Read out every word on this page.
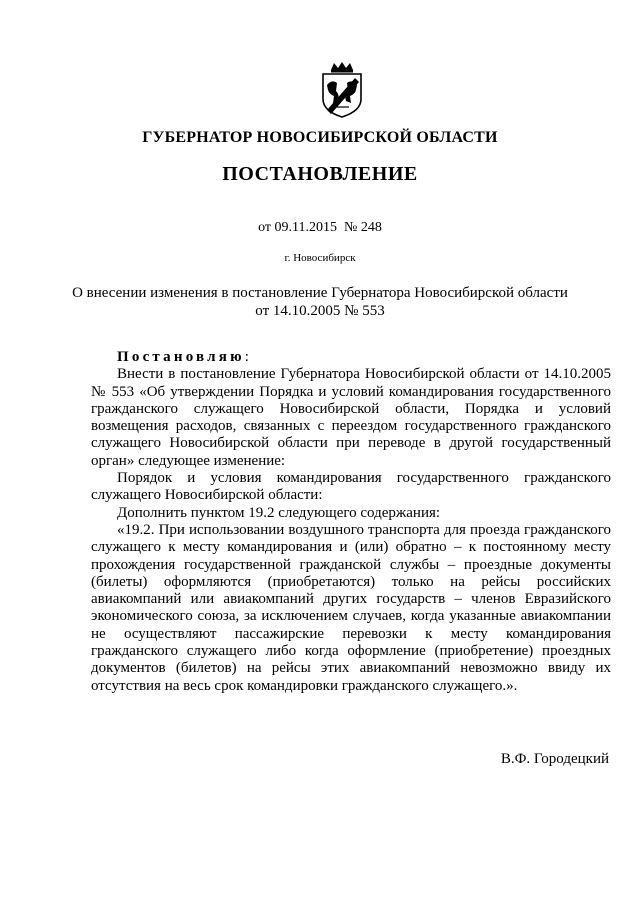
ГУБЕРНАТОР НОВОСИБИРСКОЙ ОБЛАСТИ
ПОСТАНОВЛЕНИЕ
от 09.11.2015 № 248
г. Новосибирск
О внесении изменения в постановление Губернатора Новосибирской области
от 14.10.2005 № 553

Постановляю:

Внести в постановление Губернатора Новосибирской области от 14.10.2005 № 553 «Об утверждении Порядка и условий командирования государственного гражданского служащего Новосибирской области, Порядка и условий возмещения расходов, связанных с переездом государственного гражданского служащего Новосибирской области при переводе в другой государственный орган» следующее изменение:

Порядок и условия командирования государственного гражданского служащего Новосибирской области:

Дополнить пунктом 19.2 следующего содержания:

«19.2. При использовании воздушного транспорта для проезда гражданского служащего к месту командирования и (или) обратно – к постоянному месту прохождения государственной гражданской службы – проездные документы (билеты) оформляются (приобретаются) только на рейсы российских авиакомпаний или авиакомпаний других государств – членов Евразийского экономического союза, за исключением случаев, когда указанные авиакомпании не осуществляют пассажирские перевозки к месту командирования гражданского служащего либо когда оформление (приобретение) проездных документов (билетов) на рейсы этих авиакомпаний невозможно ввиду их отсутствия на весь срок командировки гражданского служащего.».

В.Ф. Городецкий
